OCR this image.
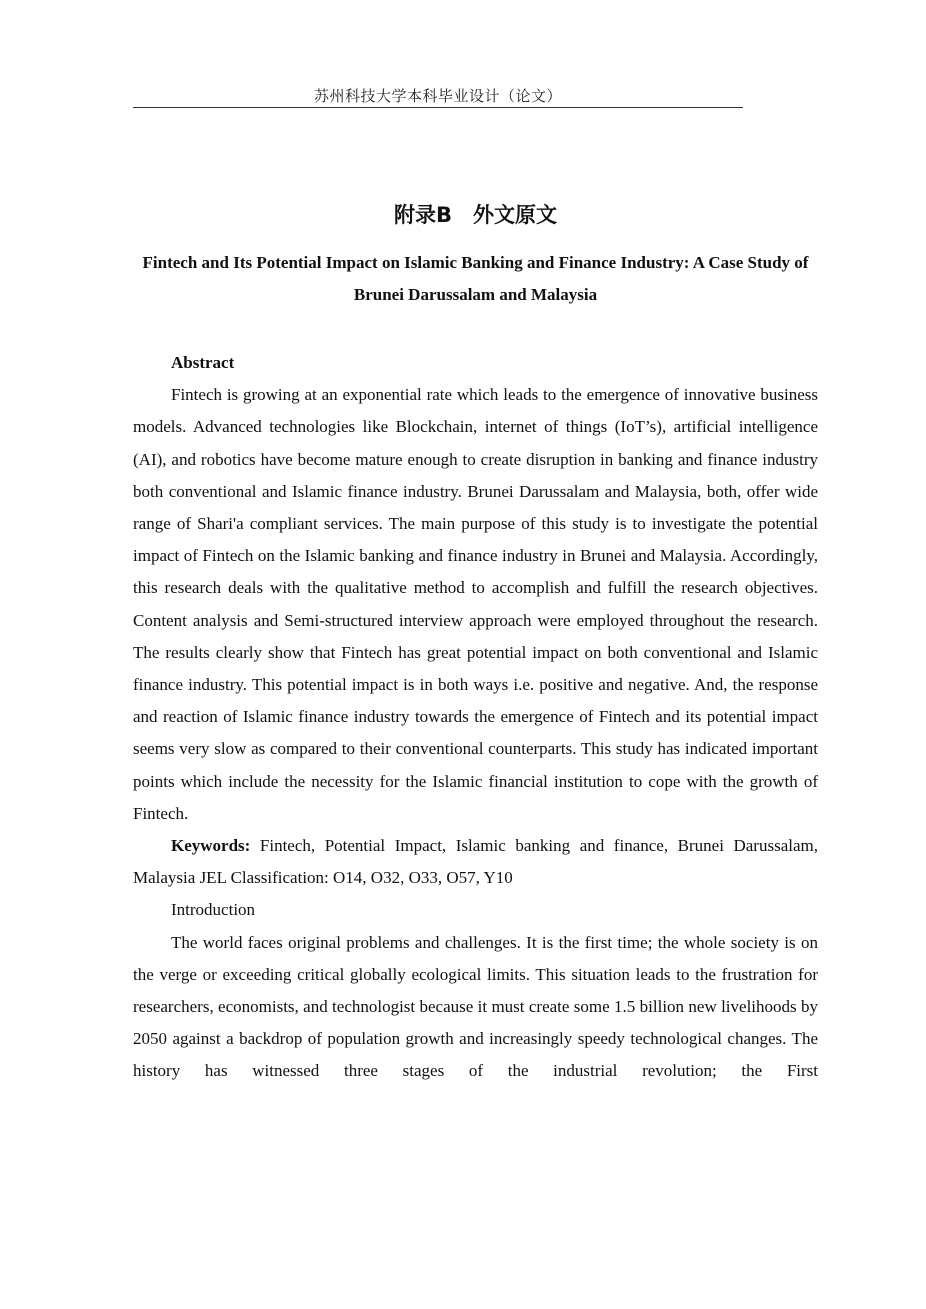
苏州科技大学本科毕业设计（论文）
附录B　外文原文
Fintech and Its Potential Impact on Islamic Banking and Finance Industry: A Case Study of Brunei Darussalam and Malaysia

Abstract

Fintech is growing at an exponential rate which leads to the emergence of innovative business models. Advanced technologies like Blockchain, internet of things (IoT’s), artificial intelligence (AI), and robotics have become mature enough to create disruption in banking and finance industry both conventional and Islamic finance industry. Brunei Darussalam and Malaysia, both, offer wide range of Shari'a compliant services. The main purpose of this study is to investigate the potential impact of Fintech on the Islamic banking and finance industry in Brunei and Malaysia. Accordingly, this research deals with the qualitative method to accomplish and fulfill the research objectives. Content analysis and Semi-structured interview approach were employed throughout the research. The results clearly show that Fintech has great potential impact on both conventional and Islamic finance industry. This potential impact is in both ways i.e. positive and negative. And, the response and reaction of Islamic finance industry towards the emergence of Fintech and its potential impact seems very slow as compared to their conventional counterparts. This study has indicated important points which include the necessity for the Islamic financial institution to cope with the growth of Fintech.

Keywords: Fintech, Potential Impact, Islamic banking and finance, Brunei Darussalam, Malaysia JEL Classification: O14, O32, O33, O57, Y10

Introduction

The world faces original problems and challenges. It is the first time; the whole society is on the verge or exceeding critical globally ecological limits. This situation leads to the frustration for researchers, economists, and technologist because it must create some 1.5 billion new livelihoods by 2050 against a backdrop of population growth and increasingly speedy technological changes. The history has witnessed three stages of the industrial revolution; the First
